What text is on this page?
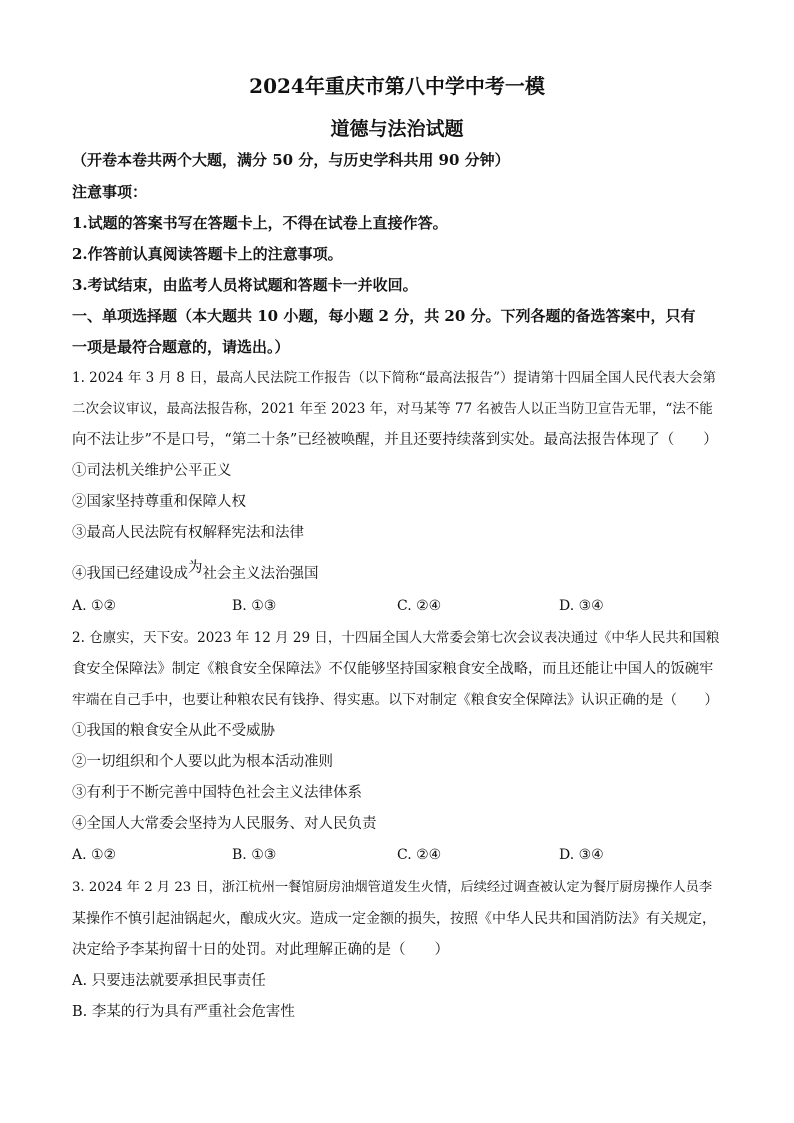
2024年重庆市第八中学中考一模
道德与法治试题
（开卷本卷共两个大题，满分 50 分，与历史学科共用 90 分钟）
注意事项：
1.试题的答案书写在答题卡上，不得在试卷上直接作答。
2.作答前认真阅读答题卡上的注意事项。
3.考试结束，由监考人员将试题和答题卡一并收回。
一、单项选择题（本大题共 10 小题，每小题 2 分，共 20 分。下列各题的备选答案中，只有
一项是最符合题意的，请选出。）
1. 2024 年 3 月 8 日，最高人民法院工作报告（以下简称“最高法报告”）提请第十四届全国人民代表大会第
二次会议审议，最高法报告称，2021 年至 2023 年，对马某等 77 名被告人以正当防卫宣告无罪，“法不能
向不法让步”不是口号，“第二十条”已经被唤醒，并且还要持续落到实处。最高法报告体现了（　　）
①司法机关维护公平正义
②国家坚持尊重和保障人权
③最高人民法院有权解释宪法和法律
④我国已经建设成为社会主义法治强国
A. ①②	B. ①③	C. ②④	D. ③④
2. 仓廪实，天下安。2023 年 12 月 29 日，十四届全国人大常委会第七次会议表决通过《中华人民共和国粮
食安全保障法》制定《粮食安全保障法》不仅能够坚持国家粮食安全战略，而且还能让中国人的饭碗牢
牢端在自己手中，也要让种粮农民有钱挣、得实惠。以下对制定《粮食安全保障法》认识正确的是（　　）
①我国的粮食安全从此不受威胁
②一切组织和个人要以此为根本活动准则
③有利于不断完善中国特色社会主义法律体系
④全国人大常委会坚持为人民服务、对人民负责
A. ①②	B. ①③	C. ②④	D. ③④
3. 2024 年 2 月 23 日，浙江杭州一餐馆厨房油烟管道发生火情，后续经过调查被认定为餐厅厨房操作人员李
某操作不慎引起油锅起火，酿成火灾。造成一定金额的损失，按照《中华人民共和国消防法》有关规定，
决定给予李某拘留十日的处罚。对此理解正确的是（　　）
A. 只要违法就要承担民事责任
B. 李某的行为具有严重社会危害性
